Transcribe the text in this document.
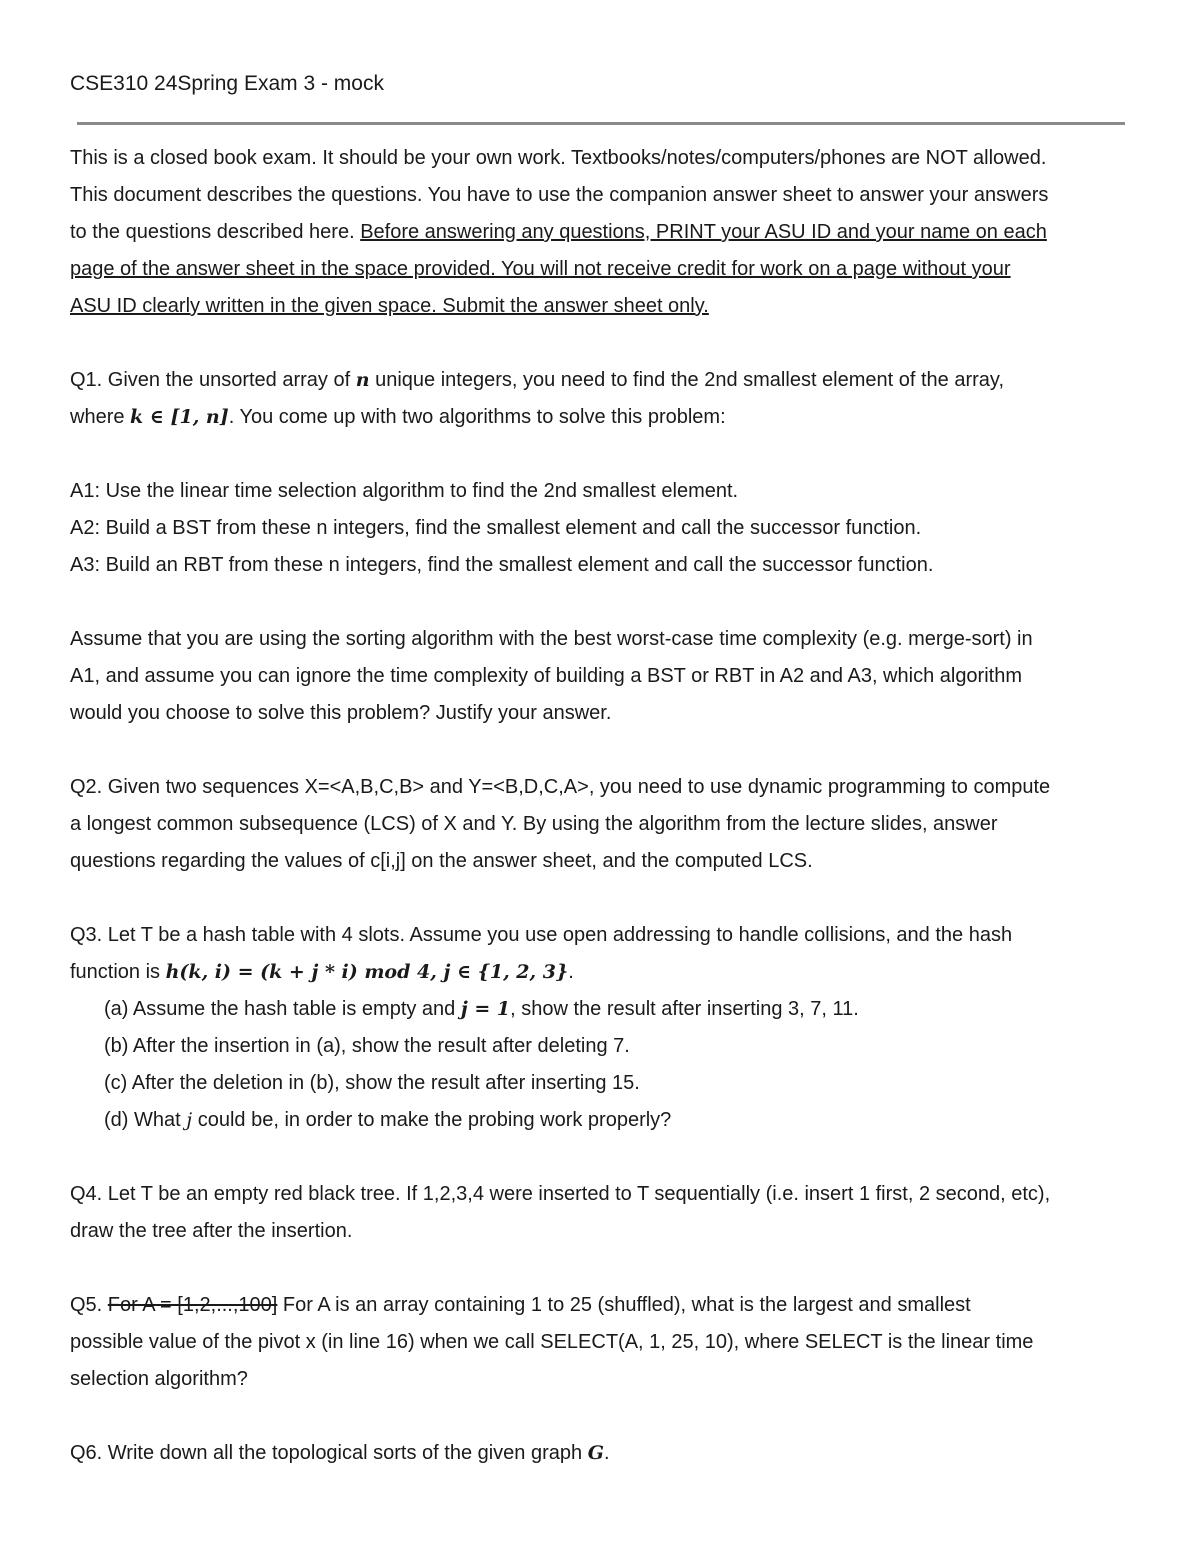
CSE310 24Spring Exam 3 - mock
This is a closed book exam. It should be your own work. Textbooks/notes/computers/phones are NOT allowed.
This document describes the questions. You have to use the companion answer sheet to answer your answers
to the questions described here. Before answering any questions, PRINT your ASU ID and your name on each
page of the answer sheet in the space provided. You will not receive credit for work on a page without your
ASU ID clearly written in the given space. Submit the answer sheet only.
Q1. Given the unsorted array of n unique integers, you need to find the 2nd smallest element of the array,
where k ∈ [1, n]. You come up with two algorithms to solve this problem:
A1: Use the linear time selection algorithm to find the 2nd smallest element.
A2: Build a BST from these n integers, find the smallest element and call the successor function.
A3: Build an RBT from these n integers, find the smallest element and call the successor function.
Assume that you are using the sorting algorithm with the best worst-case time complexity (e.g. merge-sort) in
A1, and assume you can ignore the time complexity of building a BST or RBT in A2 and A3, which algorithm
would you choose to solve this problem? Justify your answer.
Q2. Given two sequences X=<A,B,C,B> and Y=<B,D,C,A>, you need to use dynamic programming to compute
a longest common subsequence (LCS) of X and Y. By using the algorithm from the lecture slides, answer
questions regarding the values of c[i,j] on the answer sheet, and the computed LCS.
Q3. Let T be a hash table with 4 slots. Assume you use open addressing to handle collisions, and the hash
function is h(k, i) = (k + j * i) mod 4, j ∈ {1, 2, 3}.
(a) Assume the hash table is empty and j = 1, show the result after inserting 3, 7, 11.
(b) After the insertion in (a), show the result after deleting 7.
(c) After the deletion in (b), show the result after inserting 15.
(d) What j could be, in order to make the probing work properly?
Q4. Let T be an empty red black tree. If 1,2,3,4 were inserted to T sequentially (i.e. insert 1 first, 2 second, etc),
draw the tree after the insertion.
Q5. For A = [1,2,...,100] For A is an array containing 1 to 25 (shuffled), what is the largest and smallest
possible value of the pivot x (in line 16) when we call SELECT(A, 1, 25, 10), where SELECT is the linear time
selection algorithm?
Q6. Write down all the topological sorts of the given graph G.
